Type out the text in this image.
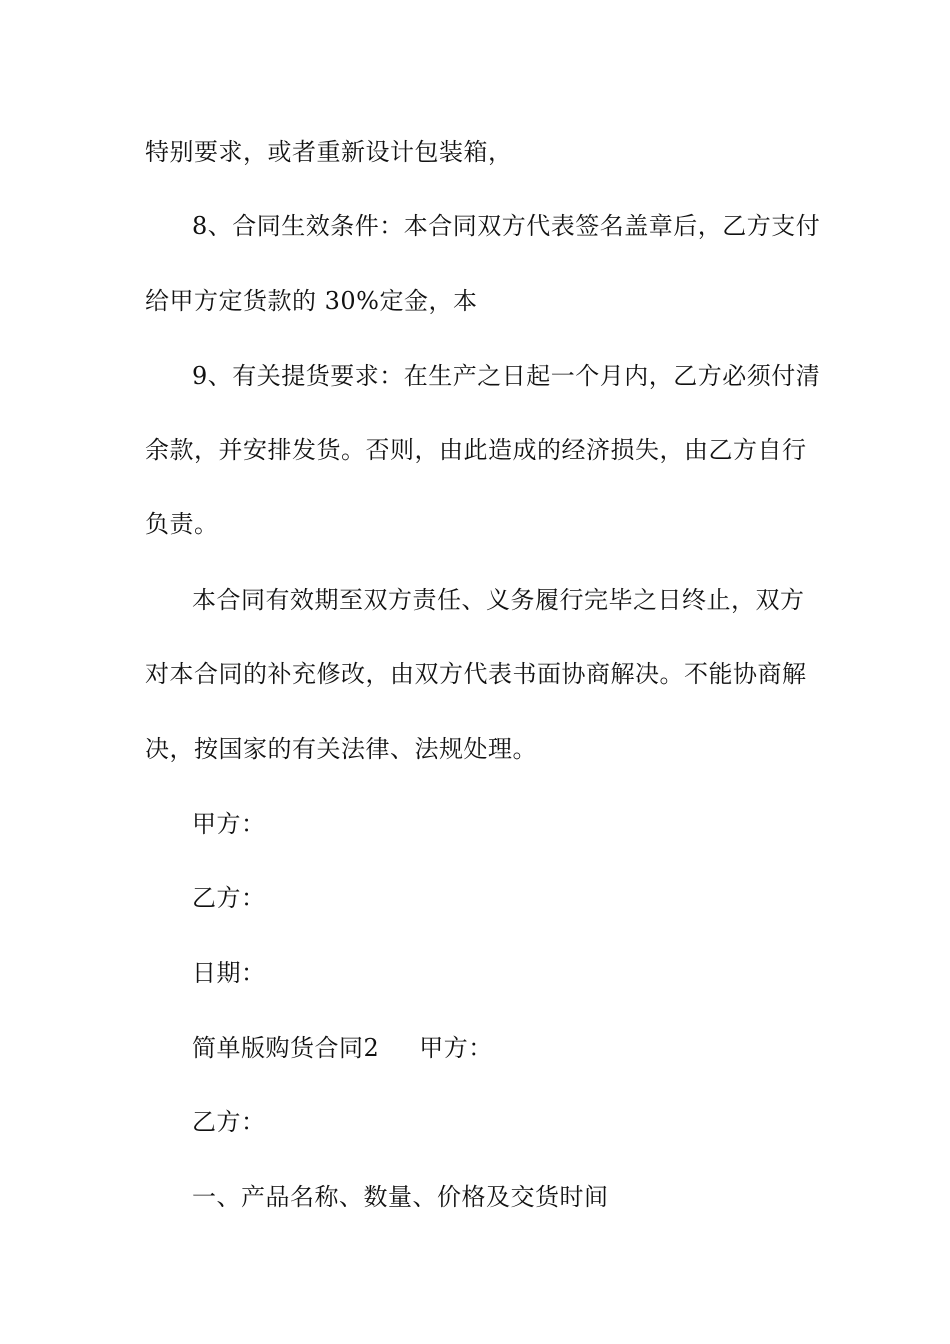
特别要求，或者重新设计包装箱，
8、合同生效条件：本合同双方代表签名盖章后，乙方支付
给甲方定货款的 30%定金，本
9、有关提货要求：在生产之日起一个月内，乙方必须付清
余款，并安排发货。否则，由此造成的经济损失，由乙方自行
负责。
本合同有效期至双方责任、义务履行完毕之日终止，双方
对本合同的补充修改，由双方代表书面协商解决。不能协商解
决，按国家的有关法律、法规处理。
甲方：
乙方：
日期：
简单版购货合同2 甲方：
乙方：
一、产品名称、数量、价格及交货时间
